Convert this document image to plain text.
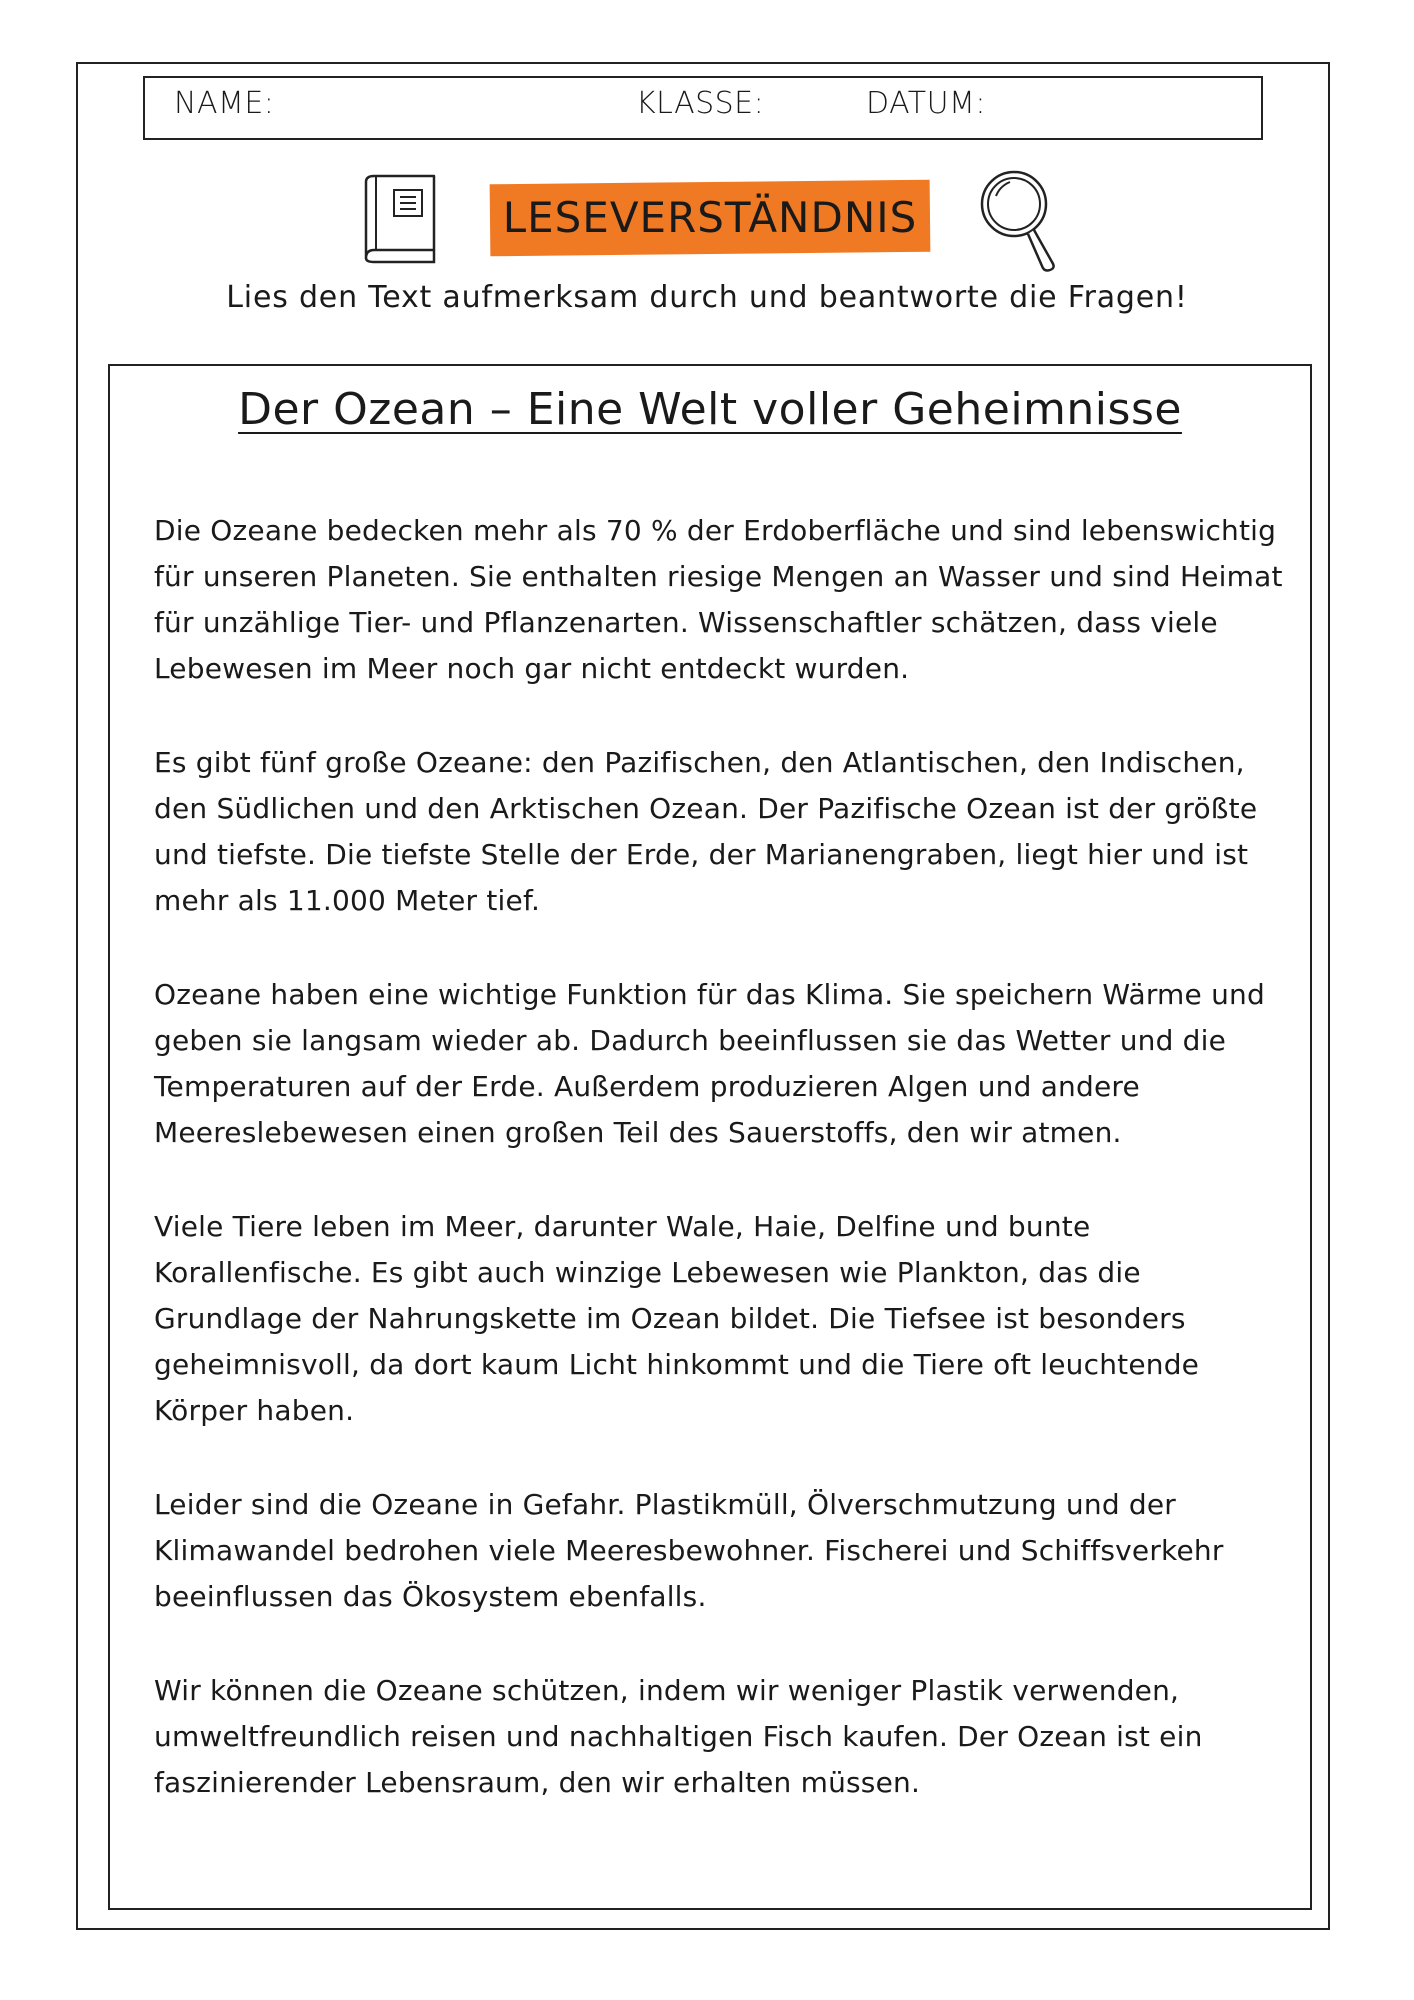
NAME:	KLASSE:	DATUM:
LESEVERSTÄNDNIS
Lies den Text aufmerksam durch und beantworte die Fragen!
Der Ozean – Eine Welt voller Geheimnisse

Die Ozeane bedecken mehr als 70 % der Erdoberfläche und sind lebenswichtig für unseren Planeten. Sie enthalten riesige Mengen an Wasser und sind Heimat für unzählige Tier- und Pflanzenarten. Wissenschaftler schätzen, dass viele Lebewesen im Meer noch gar nicht entdeckt wurden.

Es gibt fünf große Ozeane: den Pazifischen, den Atlantischen, den Indischen, den Südlichen und den Arktischen Ozean. Der Pazifische Ozean ist der größte und tiefste. Die tiefste Stelle der Erde, der Marianengraben, liegt hier und ist mehr als 11.000 Meter tief.

Ozeane haben eine wichtige Funktion für das Klima. Sie speichern Wärme und geben sie langsam wieder ab. Dadurch beeinflussen sie das Wetter und die Temperaturen auf der Erde. Außerdem produzieren Algen und andere Meereslebewesen einen großen Teil des Sauerstoffs, den wir atmen.

Viele Tiere leben im Meer, darunter Wale, Haie, Delfine und bunte Korallenfische. Es gibt auch winzige Lebewesen wie Plankton, das die Grundlage der Nahrungskette im Ozean bildet. Die Tiefsee ist besonders geheimnisvoll, da dort kaum Licht hinkommt und die Tiere oft leuchtende Körper haben.

Leider sind die Ozeane in Gefahr. Plastikmüll, Ölverschmutzung und der Klimawandel bedrohen viele Meeresbewohner. Fischerei und Schiffsverkehr beeinflussen das Ökosystem ebenfalls.

Wir können die Ozeane schützen, indem wir weniger Plastik verwenden, umweltfreundlich reisen und nachhaltigen Fisch kaufen. Der Ozean ist ein faszinierender Lebensraum, den wir erhalten müssen.
